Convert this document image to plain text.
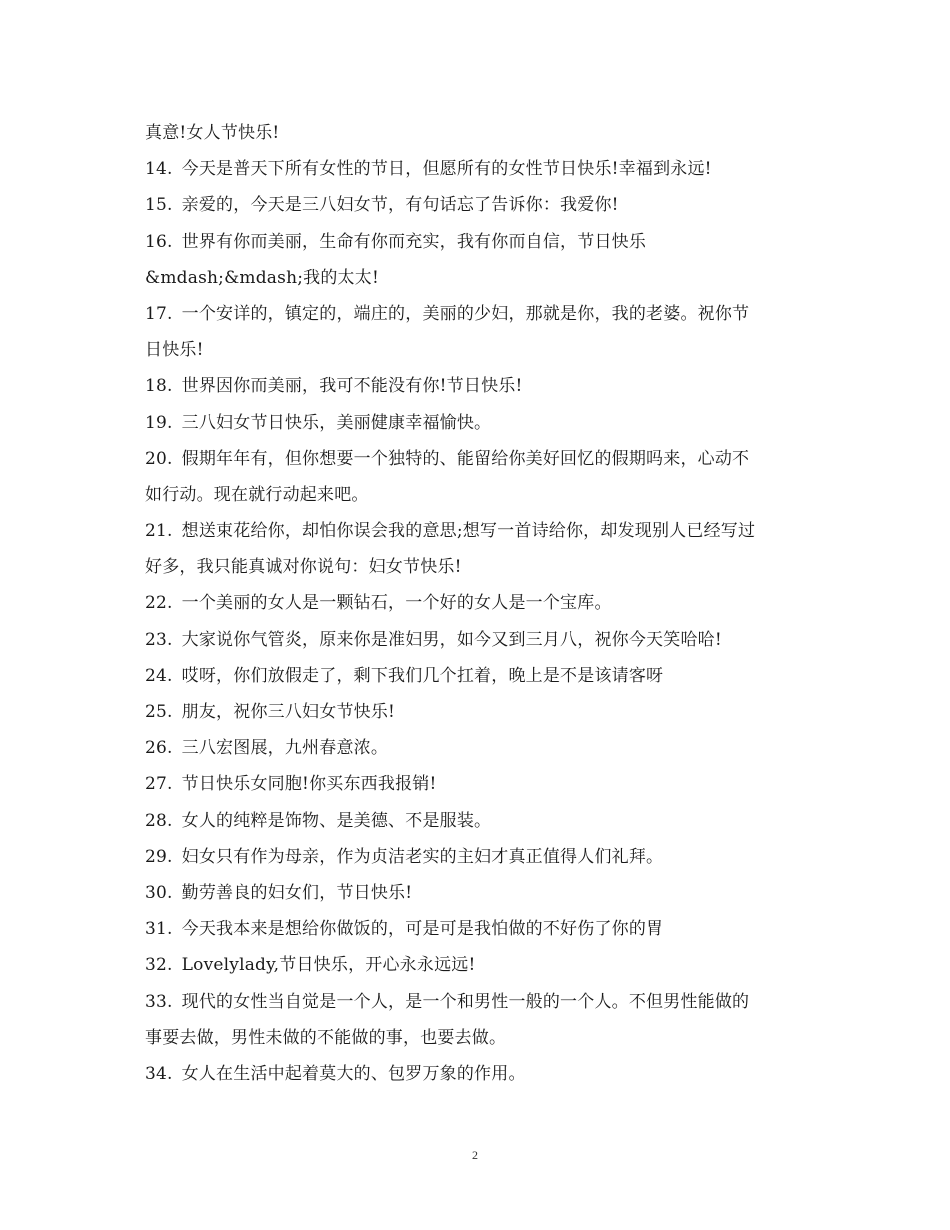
真意!女人节快乐!
14. 今天是普天下所有女性的节日，但愿所有的女性节日快乐!幸福到永远!
15. 亲爱的，今天是三八妇女节，有句话忘了告诉你：我爱你!
16. 世界有你而美丽，生命有你而充实，我有你而自信，节日快乐
&mdash;&mdash;我的太太!
17. 一个安详的，镇定的，端庄的，美丽的少妇，那就是你，我的老婆。祝你节
日快乐!
18. 世界因你而美丽，我可不能没有你!节日快乐!
19. 三八妇女节日快乐，美丽健康幸福愉快。
20. 假期年年有，但你想要一个独特的、能留给你美好回忆的假期吗来，心动不
如行动。现在就行动起来吧。
21. 想送束花给你，却怕你误会我的意思;想写一首诗给你，却发现别人已经写过
好多，我只能真诚对你说句：妇女节快乐!
22. 一个美丽的女人是一颗钻石，一个好的女人是一个宝库。
23. 大家说你气管炎，原来你是准妇男，如今又到三月八，祝你今天笑哈哈!
24. 哎呀，你们放假走了，剩下我们几个扛着，晚上是不是该请客呀
25. 朋友，祝你三八妇女节快乐!
26. 三八宏图展，九州春意浓。
27. 节日快乐女同胞!你买东西我报销!
28. 女人的纯粹是饰物、是美德、不是服装。
29. 妇女只有作为母亲，作为贞洁老实的主妇才真正值得人们礼拜。
30. 勤劳善良的妇女们，节日快乐!
31. 今天我本来是想给你做饭的，可是可是我怕做的不好伤了你的胃
32. Lovelylady,节日快乐，开心永永远远!
33. 现代的女性当自觉是一个人，是一个和男性一般的一个人。不但男性能做的
事要去做，男性未做的不能做的事，也要去做。
34. 女人在生活中起着莫大的、包罗万象的作用。
2
